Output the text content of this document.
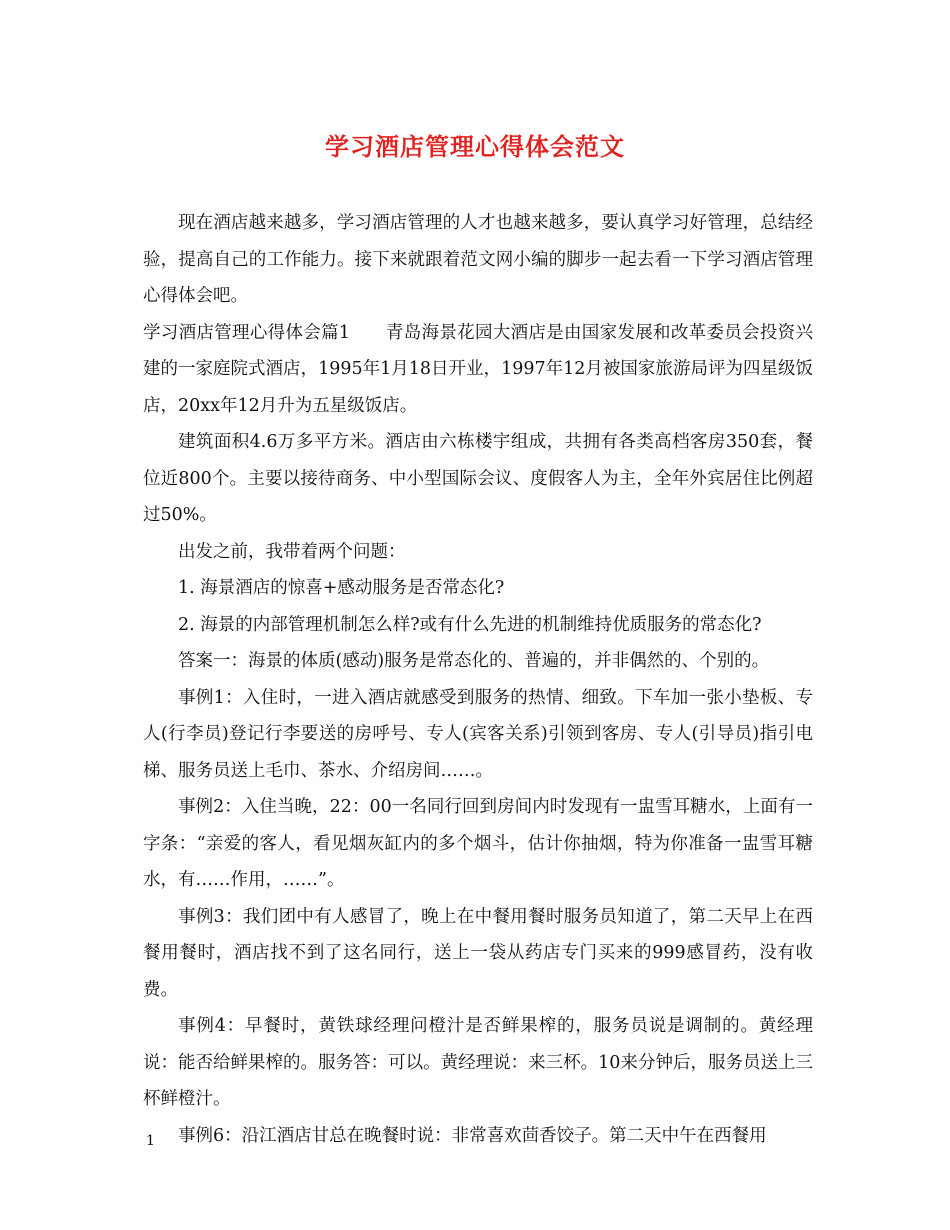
学习酒店管理心得体会范文

现在酒店越来越多，学习酒店管理的人才也越来越多，要认真学习好管理，总结经验，提高自己的工作能力。接下来就跟着范文网小编的脚步一起去看一下学习酒店管理心得体会吧。

学习酒店管理心得体会篇1　　青岛海景花园大酒店是由国家发展和改革委员会投资兴建的一家庭院式酒店，1995年1月18日开业，1997年12月被国家旅游局评为四星级饭店，20xx年12月升为五星级饭店。

建筑面积4.6万多平方米。酒店由六栋楼宇组成，共拥有各类高档客房350套，餐位近800个。主要以接待商务、中小型国际会议、度假客人为主，全年外宾居住比例超过50%。

出发之前，我带着两个问题：

1. 海景酒店的惊喜+感动服务是否常态化?

2. 海景的内部管理机制怎么样?或有什么先进的机制维持优质服务的常态化?

答案一：海景的体质(感动)服务是常态化的、普遍的，并非偶然的、个别的。

事例1：入住时，一进入酒店就感受到服务的热情、细致。下车加一张小垫板、专人(行李员)登记行李要送的房呼号、专人(宾客关系)引领到客房、专人(引导员)指引电梯、服务员送上毛巾、茶水、介绍房间……。

事例2：入住当晚，22：00一名同行回到房间内时发现有一盅雪耳糖水，上面有一字条：“亲爱的客人，看见烟灰缸内的多个烟斗，估计你抽烟，特为你准备一盅雪耳糖水，有……作用，……”。

事例3：我们团中有人感冒了，晚上在中餐用餐时服务员知道了，第二天早上在西餐用餐时，酒店找不到了这名同行，送上一袋从药店专门买来的999感冒药，没有收费。

事例4：早餐时，黄铁球经理问橙汁是否鲜果榨的，服务员说是调制的。黄经理说：能否给鲜果榨的。服务答：可以。黄经理说：来三杯。10来分钟后，服务员送上三杯鲜橙汁。

事例6：沿江酒店甘总在晚餐时说：非常喜欢茴香饺子。第二天中午在西餐用

1
